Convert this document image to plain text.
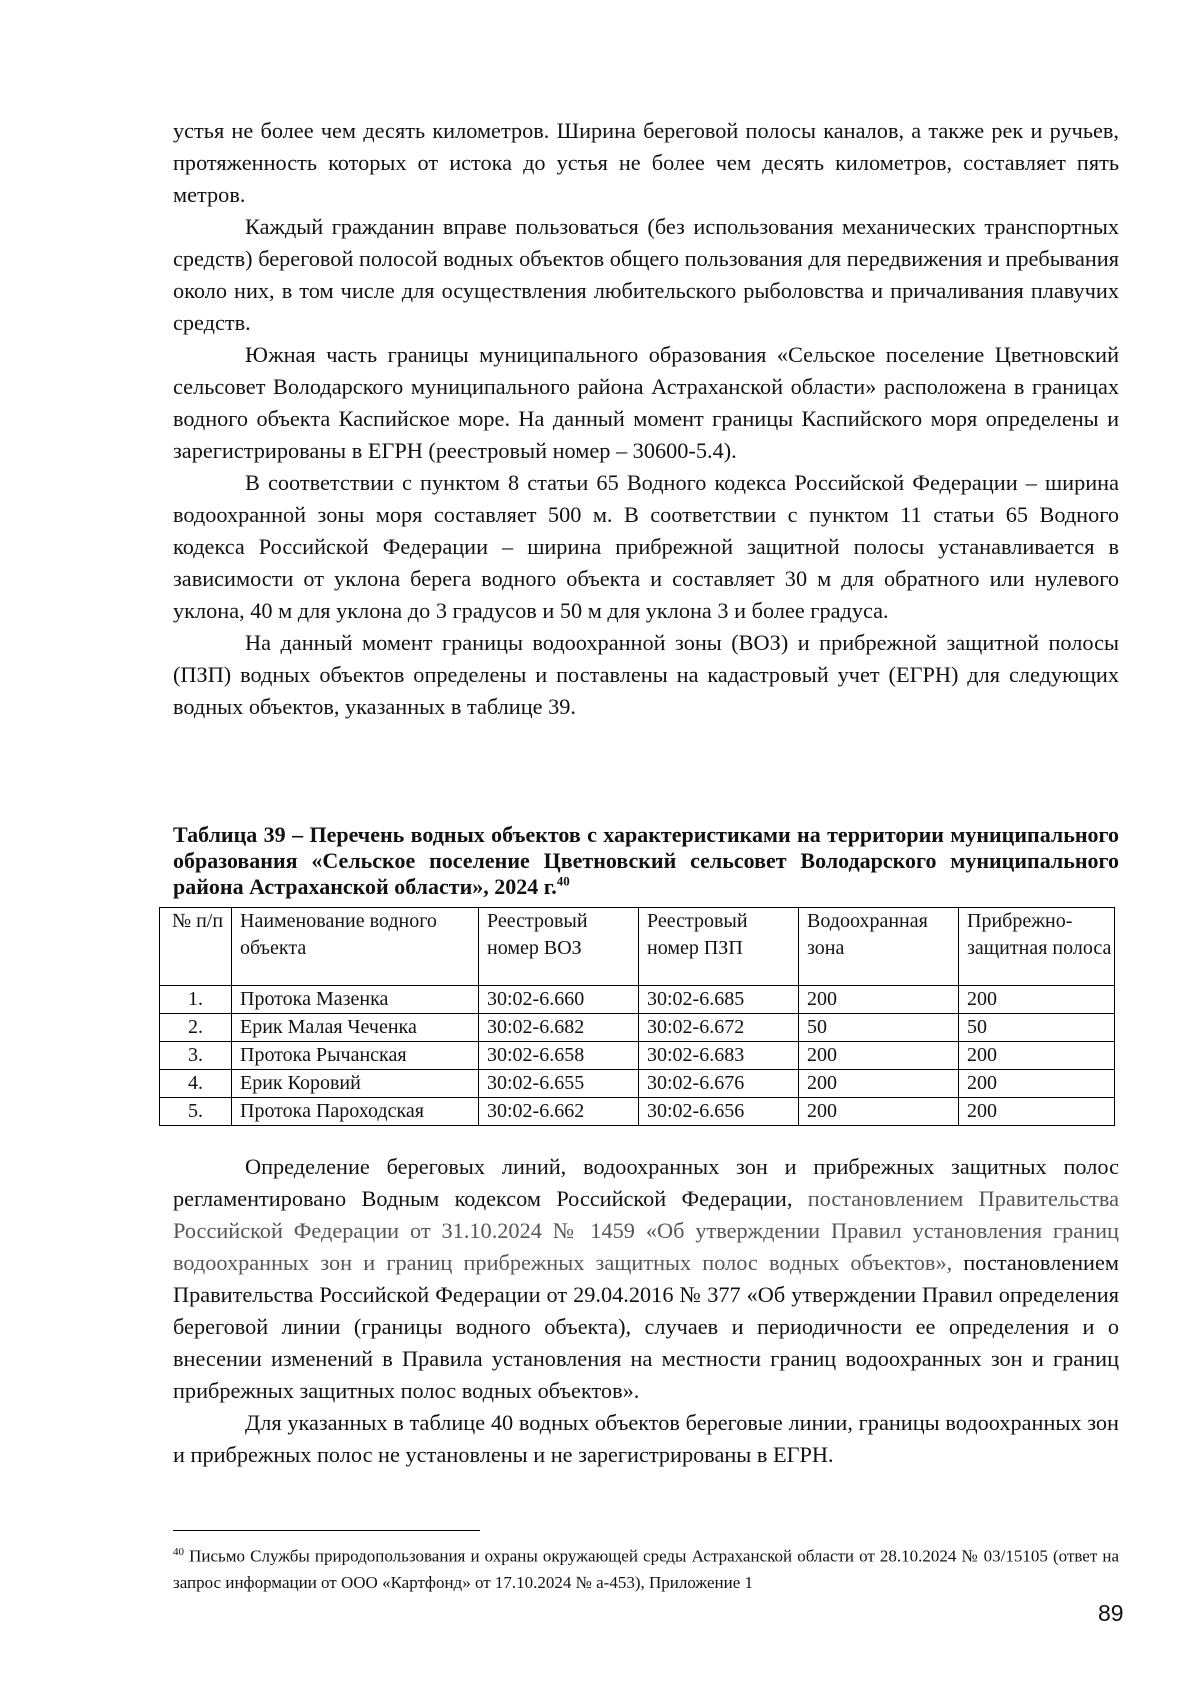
устья не более чем десять километров. Ширина береговой полосы каналов, а также рек и ручьев, протяженность которых от истока до устья не более чем десять километров, составляет пять метров.

Каждый гражданин вправе пользоваться (без использования механических транспортных средств) береговой полосой водных объектов общего пользования для передвижения и пребывания около них, в том числе для осуществления любительского рыболовства и причаливания плавучих средств.

Южная часть границы муниципального образования «Сельское поселение Цветновский сельсовет Володарского муниципального района Астраханской области» расположена в границах водного объекта Каспийское море. На данный момент границы Каспийского моря определены и зарегистрированы в ЕГРН (реестровый номер – 30600-5.4).

В соответствии с пунктом 8 статьи 65 Водного кодекса Российской Федерации – ширина водоохранной зоны моря составляет 500 м. В соответствии с пунктом 11 статьи 65 Водного кодекса Российской Федерации – ширина прибрежной защитной полосы устанавливается в зависимости от уклона берега водного объекта и составляет 30 м для обратного или нулевого уклона, 40 м для уклона до 3 градусов и 50 м для уклона 3 и более градуса.

На данный момент границы водоохранной зоны (ВОЗ) и прибрежной защитной полосы (ПЗП) водных объектов определены и поставлены на кадастровый учет (ЕГРН) для следующих водных объектов, указанных в таблице 39.

Таблица 39 – Перечень водных объектов с характеристиками на территории муниципального образования «Сельское поселение Цветновский сельсовет Володарского муниципального района Астраханской области», 2024 г.$^{40}$
№ п/п	Наименование водного объекта	Реестровый номер ВОЗ	Реестровый номер ПЗП	Водоохранная зона	Прибрежно-защитная полоса
1.	Протока Мазенка	30:02-6.660	30:02-6.685	200	200
2.	Ерик Малая Чеченка	30:02-6.682	30:02-6.672	50	50
3.	Протока Рычанская	30:02-6.658	30:02-6.683	200	200
4.	Ерик Коровий	30:02-6.655	30:02-6.676	200	200
5.	Протока Пароходская	30:02-6.662	30:02-6.656	200	200

Определение береговых линий, водоохранных зон и прибрежных защитных полос регламентировано Водным кодексом Российской Федерации, постановлением Правительства Российской Федерации от 31.10.2024 № 1459 «Об утверждении Правил установления границ водоохранных зон и границ прибрежных защитных полос водных объектов», постановлением Правительства Российской Федерации от 29.04.2016 № 377 «Об утверждении Правил определения береговой линии (границы водного объекта), случаев и периодичности ее определения и о внесении изменений в Правила установления на местности границ водоохранных зон и границ прибрежных защитных полос водных объектов».

Для указанных в таблице 40 водных объектов береговые линии, границы водоохранных зон и прибрежных полос не установлены и не зарегистрированы в ЕГРН.

$^{40}$ Письмо Службы природопользования и охраны окружающей среды Астраханской области от 28.10.2024 № 03/15105 (ответ на запрос информации от ООО «Картфонд» от 17.10.2024 № а-453), Приложение 1
89
